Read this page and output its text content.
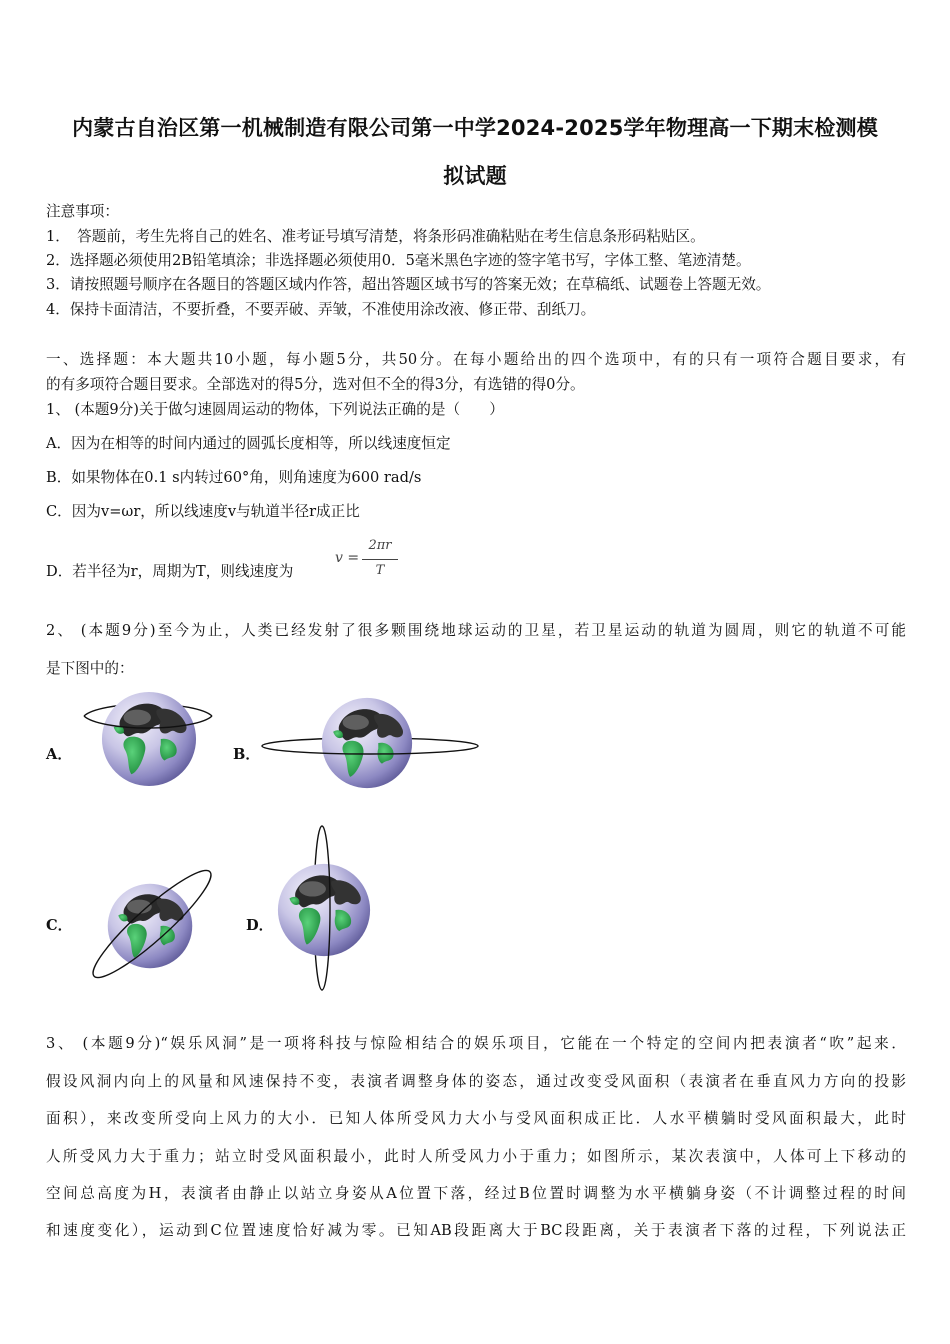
内蒙古自治区第一机械制造有限公司第一中学2024-2025学年物理高一下期末检测模
拟试题
注意事项：
1．　答题前，考生先将自己的姓名、准考证号填写清楚，将条形码准确粘贴在考生信息条形码粘贴区。
2．选择题必须使用2B铅笔填涂；非选择题必须使用0．5毫米黑色字迹的签字笔书写，字体工整、笔迹清楚。
3．请按照题号顺序在各题目的答题区域内作答，超出答题区域书写的答案无效；在草稿纸、试题卷上答题无效。
4．保持卡面清洁，不要折叠，不要弄破、弄皱，不准使用涂改液、修正带、刮纸刀。
一、选择题：本大题共10小题，每小题5分，共50分。在每小题给出的四个选项中，有的只有一项符合题目要求，有
的有多项符合题目要求。全部选对的得5分，选对但不全的得3分，有选错的得0分。
1、 (本题9分)关于做匀速圆周运动的物体，下列说法正确的是（　　）
A．因为在相等的时间内通过的圆弧长度相等，所以线速度恒定
B．如果物体在0.1 s内转过60°角，则角速度为600 rad/s
C．因为v=ωr，所以线速度v与轨道半径r成正比
D．若半径为r，周期为T，则线速度为
v =
2πr
T
2、 (本题9分)至今为止，人类已经发射了很多颗围绕地球运动的卫星，若卫星运动的轨道为圆周，则它的轨道不可能
是下图中的：
A．	B．
C．	D．
3、 (本题9分)“娱乐风洞”是一项将科技与惊险相结合的娱乐项目，它能在一个特定的空间内把表演者“吹”起来．
假设风洞内向上的风量和风速保持不变，表演者调整身体的姿态，通过改变受风面积（表演者在垂直风力方向的投影
面积），来改变所受向上风力的大小．已知人体所受风力大小与受风面积成正比．人水平横躺时受风面积最大，此时
人所受风力大于重力；站立时受风面积最小，此时人所受风力小于重力；如图所示，某次表演中，人体可上下移动的
空间总高度为H，表演者由静止以站立身姿从A位置下落，经过B位置时调整为水平横躺身姿（不计调整过程的时间
和速度变化），运动到C位置速度恰好减为零。已知AB段距离大于BC段距离，关于表演者下落的过程，下列说法正
